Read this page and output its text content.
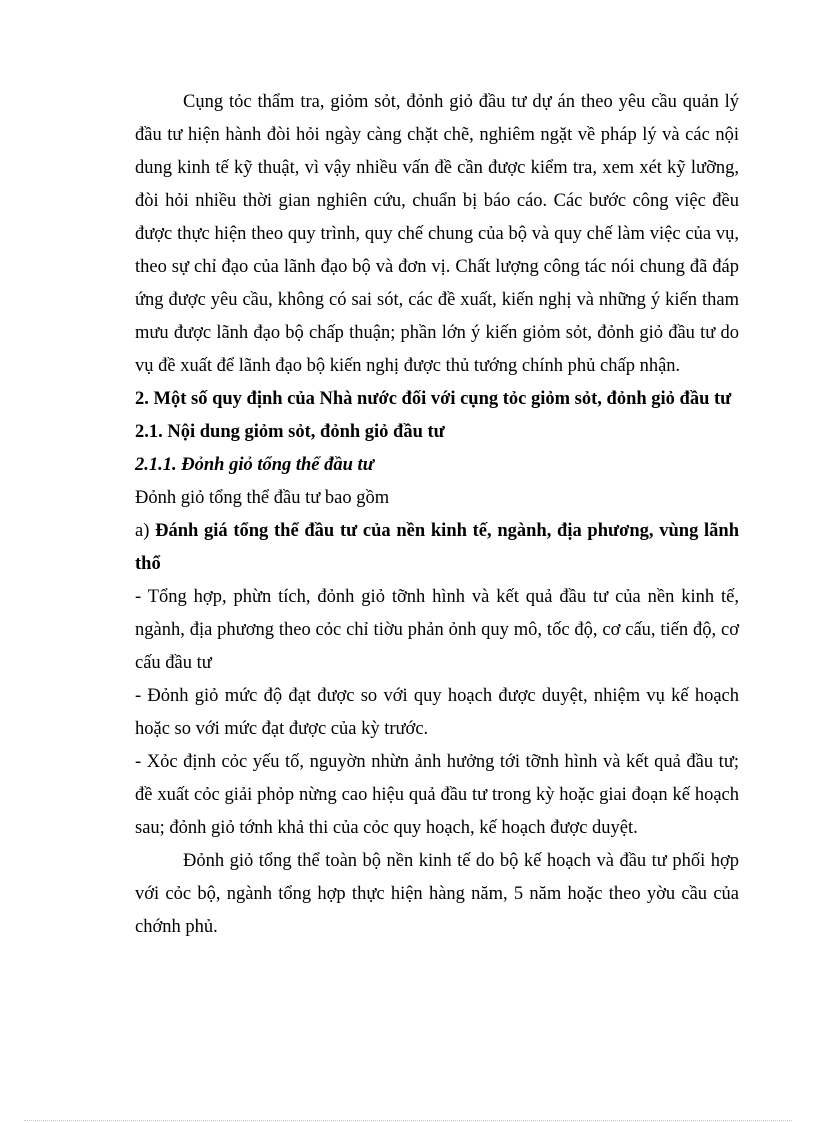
Cụng tỏc thẩm tra, giỏm sỏt, đỏnh giỏ đầu tư dự án theo yêu cầu quản lý đầu tư hiện hành đòi hỏi ngày càng chặt chẽ, nghiêm ngặt về pháp lý và các nội dung kinh tế kỹ thuật, vì vậy nhiều vấn đề cần được kiểm tra, xem xét kỹ lưỡng, đòi hỏi nhiều thời gian nghiên cứu, chuẩn bị báo cáo. Các bước công việc đều được thực hiện theo quy trình, quy chế chung của bộ và quy chế làm việc của vụ, theo sự chỉ đạo của lãnh đạo bộ và đơn vị. Chất lượng công tác nói chung đã đáp ứng được yêu cầu, không có sai sót, các đề xuất, kiến nghị và những ý kiến tham mưu được lãnh đạo bộ chấp thuận; phần lớn ý kiến giỏm sỏt, đỏnh giỏ đầu tư do vụ đề xuất để lãnh đạo bộ kiến nghị được thủ tướng chính phủ chấp nhận.

2. Một số quy định của Nhà nước đối với cụng tỏc giỏm sỏt, đỏnh giỏ đầu tư

2.1. Nội dung giỏm sỏt, đỏnh giỏ đầu tư

2.1.1. Đỏnh giỏ tổng thể đầu tư

Đỏnh giỏ tổng thể đầu tư bao gồm

a) Đánh giá tổng thể đầu tư của nền kinh tế, ngành, địa phương, vùng lãnh thổ

- Tổng hợp, phừn tích, đỏnh giỏ tỡnh hình và kết quả đầu tư của nền kinh tế, ngành, địa phương theo cỏc chỉ tiờu phản ỏnh quy mô, tốc độ, cơ cấu, tiến độ, cơ cấu đầu tư

- Đỏnh giỏ mức độ đạt được so với quy hoạch được duyệt, nhiệm vụ kế hoạch hoặc so với mức đạt được của kỳ trước.

- Xỏc định cỏc yếu tố, nguyờn nhừn ảnh hưởng tới tỡnh hình và kết quả đầu tư; đề xuất cỏc giải phỏp nừng cao hiệu quả đầu tư trong kỳ hoặc giai đoạn kế hoạch sau; đỏnh giỏ tớnh khả thi của cỏc quy hoạch, kế hoạch được duyệt.

Đỏnh giỏ tổng thể toàn bộ nền kinh tế do bộ kế hoạch và đầu tư phối hợp với cỏc bộ, ngành tổng hợp thực hiện hàng năm, 5 năm hoặc theo yờu cầu của chớnh phủ.
